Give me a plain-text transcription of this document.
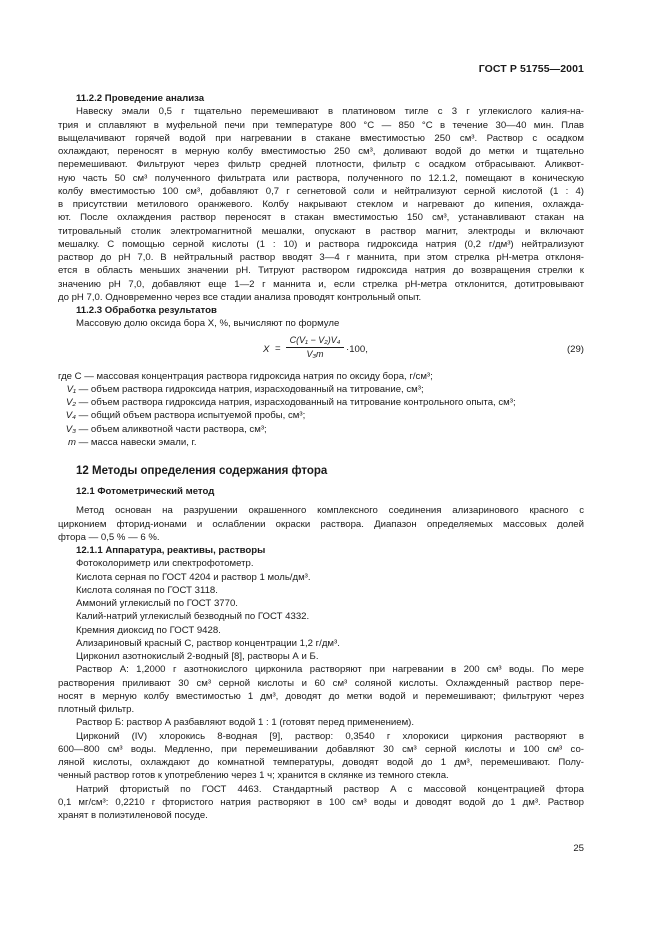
ГОСТ Р 51755—2001

11.2.2 Проведение анализа

Навеску эмали 0,5 г тщательно перемешивают в платиновом тигле с 3 г углекислого калия-на-

трия и сплавляют в муфельной печи при температуре 800 °С — 850 °С в течение 30—40 мин. Плав

выщелачивают горячей водой при нагревании в стакане вместимостью 250 см³. Раствор с осадком

охлаждают, переносят в мерную колбу вместимостью 250 см³, доливают водой до метки и тщательно

перемешивают. Фильтруют через фильтр средней плотности, фильтр с осадком отбрасывают. Аликвот-

ную часть 50 см³ полученного фильтрата или раствора, полученного по 12.1.2, помещают в коническую

колбу вместимостью 100 см³, добавляют 0,7 г сегнетовой соли и нейтрализуют серной кислотой (1 : 4)

в присутствии метилового оранжевого. Колбу накрывают стеклом и нагревают до кипения, охлажда-

ют. После охлаждения раствор переносят в стакан вместимостью 150 см³, устанавливают стакан на

титровальный столик электромагнитной мешалки, опускают в раствор магнит, электроды и включают

мешалку. С помощью серной кислоты (1 : 10) и раствора гидроксида натрия (0,2 г/дм³) нейтрализуют

раствор до рН 7,0. В нейтральный раствор вводят 3—4 г маннита, при этом стрелка рН-метра отклоня-

ется в область меньших значении рН. Титруют раствором гидроксида натрия до возвращения стрелки к

значению рН 7,0, добавляют еще 1—2 г маннита и, если стрелка рН-метра отклонится, дотитровывают

до рН 7,0. Одновременно через все стадии анализа проводят контрольный опыт.

11.2.3 Обработка результатов

Массовую долю оксида бора X, %, вычисляют по формуле

$X = \frac{\text{C(V₁ − V₂)V₄}}{\text{V₃m}} \cdot 100$,	(29)

где C — массовая концентрация раствора гидроксида натрия по оксиду бора, г/см³;

V₁ — объем раствора гидроксида натрия, израсходованный на титрование, см³;

V₂ — объем раствора гидроксида натрия, израсходованный на титрование контрольного опыта, см³;

V₄ — общий объем раствора испытуемой пробы, см³;

V₃ — объем аликвотной части раствора, см³;

m — масса навески эмали, г.

12 Методы определения содержания фтора

12.1 Фотометрический метод

Метод основан на разрушении окрашенного комплексного соединения ализаринового красного с

цирконием фторид-ионами и ослаблении окраски раствора. Диапазон определяемых массовых долей

фтора — 0,5 % — 6 %.

12.1.1 Аппаратура, реактивы, растворы

Фотоколориметр или спектрофотометр.

Кислота серная по ГОСТ 4204 и раствор 1 моль/дм³.

Кислота соляная по ГОСТ 3118.

Аммоний углекислый по ГОСТ 3770.

Калий-натрий углекислый безводный по ГОСТ 4332.

Кремния диоксид по ГОСТ 9428.

Ализариновый красный С, раствор концентрации 1,2 г/дм³.

Цирконил азотнокислый 2-водный [8], растворы А и Б.

Раствор А: 1,2000 г азотнокислого цирконила растворяют при нагревании в 200 см³ воды. По мере

растворения приливают 30 см³ серной кислоты и 60 см³ соляной кислоты. Охлажденный раствор пере-

носят в мерную колбу вместимостью 1 дм³, доводят до метки водой и перемешивают; фильтруют через

плотный фильтр.

Раствор Б: раствор А разбавляют водой 1 : 1 (готовят перед применением).

Цирконий (IV) хлорокись 8-водная [9], раствор: 0,3540 г хлорокиси циркония растворяют в

600—800 см³ воды. Медленно, при перемешивании добавляют 30 см³ серной кислоты и 100 см³ со-

ляной кислоты, охлаждают до комнатной температуры, доводят водой до 1 дм³, перемешивают. Полу-

ченный раствор готов к употреблению через 1 ч; хранится в склянке из темного стекла.

Натрий фтористый по ГОСТ 4463. Стандартный раствор А с массовой концентрацией фтора

0,1 мг/см³: 0,2210 г фтористого натрия растворяют в 100 см³ воды и доводят водой до 1 дм³. Раствор

хранят в полиэтиленовой посуде.

25
